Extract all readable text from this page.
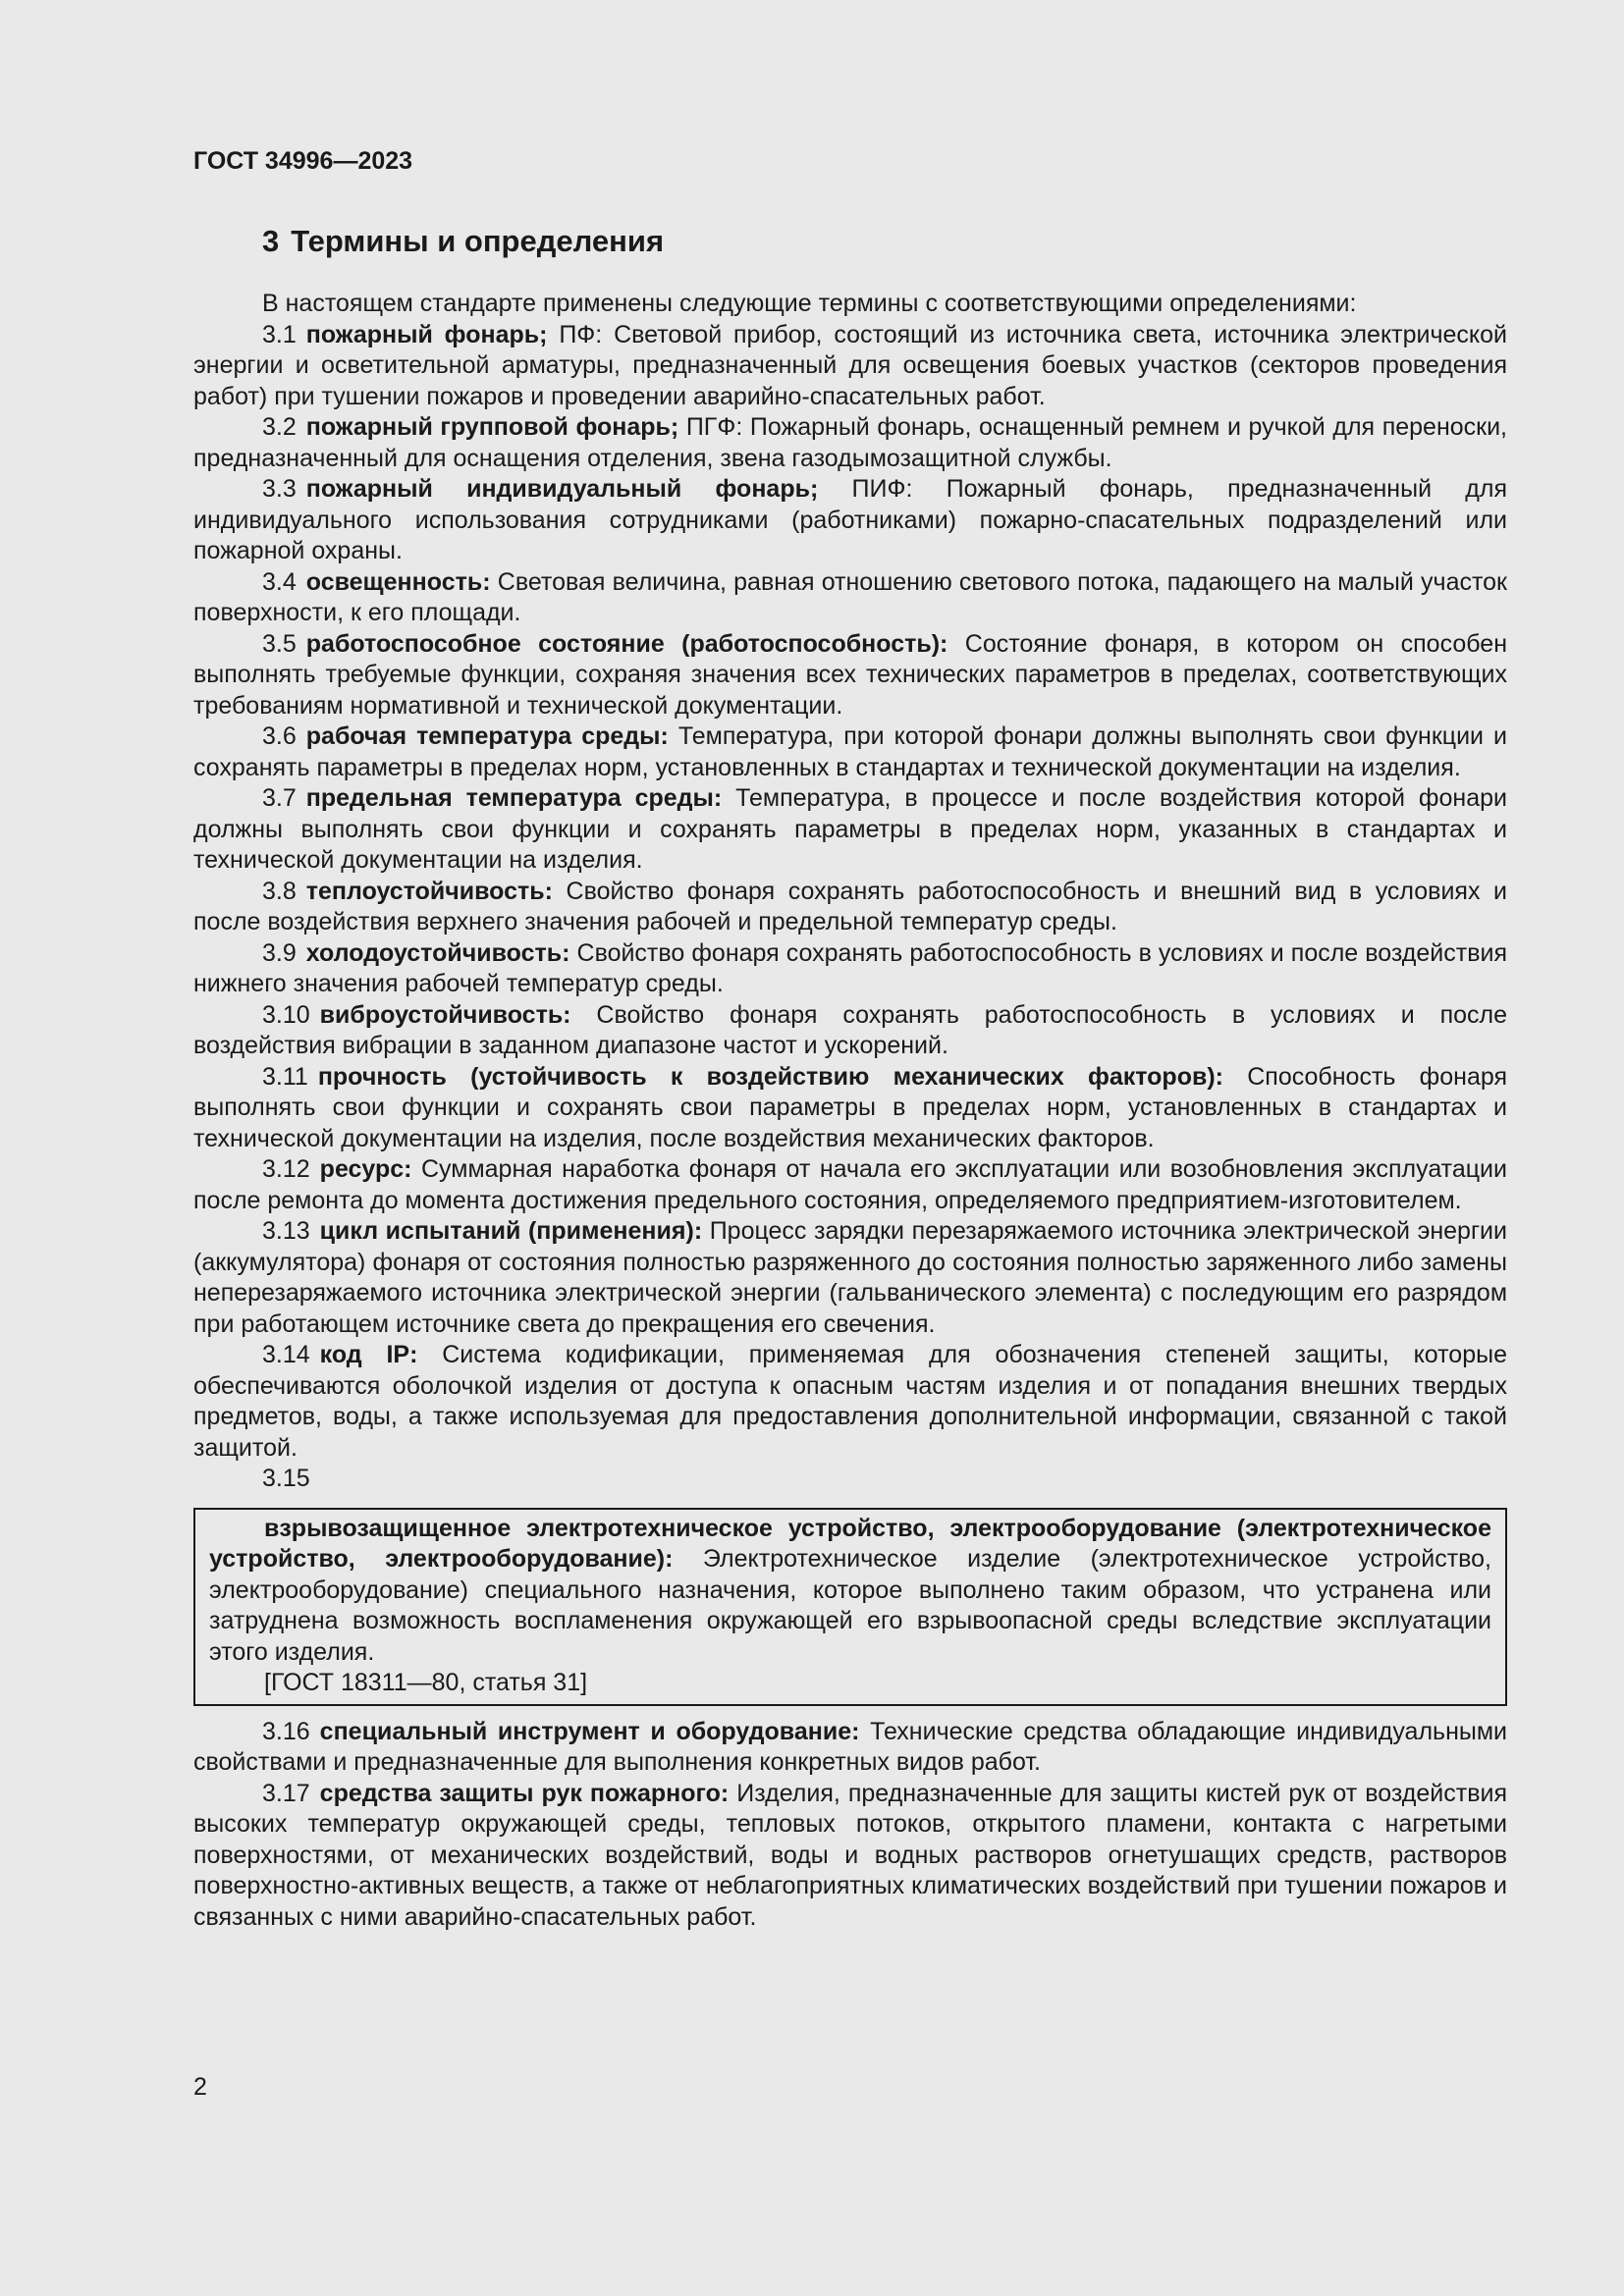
ГОСТ 34996—2023

3 Термины и определения

В настоящем стандарте применены следующие термины с соответствующими определениями:

3.1 пожарный фонарь; ПФ: Световой прибор, состоящий из источника света, источника электрической энергии и осветительной арматуры, предназначенный для освещения боевых участков (секторов проведения работ) при тушении пожаров и проведении аварийно-спасательных работ.

3.2 пожарный групповой фонарь; ПГФ: Пожарный фонарь, оснащенный ремнем и ручкой для переноски, предназначенный для оснащения отделения, звена газодымозащитной службы.

3.3 пожарный индивидуальный фонарь; ПИФ: Пожарный фонарь, предназначенный для индивидуального использования сотрудниками (работниками) пожарно-спасательных подразделений или пожарной охраны.

3.4 освещенность: Световая величина, равная отношению светового потока, падающего на малый участок поверхности, к его площади.

3.5 работоспособное состояние (работоспособность): Состояние фонаря, в котором он способен выполнять требуемые функции, сохраняя значения всех технических параметров в пределах, соответствующих требованиям нормативной и технической документации.

3.6 рабочая температура среды: Температура, при которой фонари должны выполнять свои функции и сохранять параметры в пределах норм, установленных в стандартах и технической документации на изделия.

3.7 предельная температура среды: Температура, в процессе и после воздействия которой фонари должны выполнять свои функции и сохранять параметры в пределах норм, указанных в стандартах и технической документации на изделия.

3.8 теплоустойчивость: Свойство фонаря сохранять работоспособность и внешний вид в условиях и после воздействия верхнего значения рабочей и предельной температур среды.

3.9 холодоустойчивость: Свойство фонаря сохранять работоспособность в условиях и после воздействия нижнего значения рабочей температур среды.

3.10 виброустойчивость: Свойство фонаря сохранять работоспособность в условиях и после воздействия вибрации в заданном диапазоне частот и ускорений.

3.11 прочность (устойчивость к воздействию механических факторов): Способность фонаря выполнять свои функции и сохранять свои параметры в пределах норм, установленных в стандартах и технической документации на изделия, после воздействия механических факторов.

3.12 ресурс: Суммарная наработка фонаря от начала его эксплуатации или возобновления эксплуатации после ремонта до момента достижения предельного состояния, определяемого предприятием-изготовителем.

3.13 цикл испытаний (применения): Процесс зарядки перезаряжаемого источника электрической энергии (аккумулятора) фонаря от состояния полностью разряженного до состояния полностью заряженного либо замены неперезаряжаемого источника электрической энергии (гальванического элемента) с последующим его разрядом при работающем источнике света до прекращения его свечения.

3.14 код IP: Система кодификации, применяемая для обозначения степеней защиты, которые обеспечиваются оболочкой изделия от доступа к опасным частям изделия и от попадания внешних твердых предметов, воды, а также используемая для предоставления дополнительной информации, связанной с такой защитой.

3.15

взрывозащищенное электротехническое устройство, электрооборудование (электротехническое устройство, электрооборудование): Электротехническое изделие (электротехническое устройство, электрооборудование) специального назначения, которое выполнено таким образом, что устранена или затруднена возможность воспламенения окружающей его взрывоопасной среды вследствие эксплуатации этого изделия.

[ГОСТ 18311—80, статья 31]

3.16 специальный инструмент и оборудование: Технические средства обладающие индивидуальными свойствами и предназначенные для выполнения конкретных видов работ.

3.17 средства защиты рук пожарного: Изделия, предназначенные для защиты кистей рук от воздействия высоких температур окружающей среды, тепловых потоков, открытого пламени, контакта с нагретыми поверхностями, от механических воздействий, воды и водных растворов огнетушащих средств, растворов поверхностно-активных веществ, а также от неблагоприятных климатических воздействий при тушении пожаров и связанных с ними аварийно-спасательных работ.

2
